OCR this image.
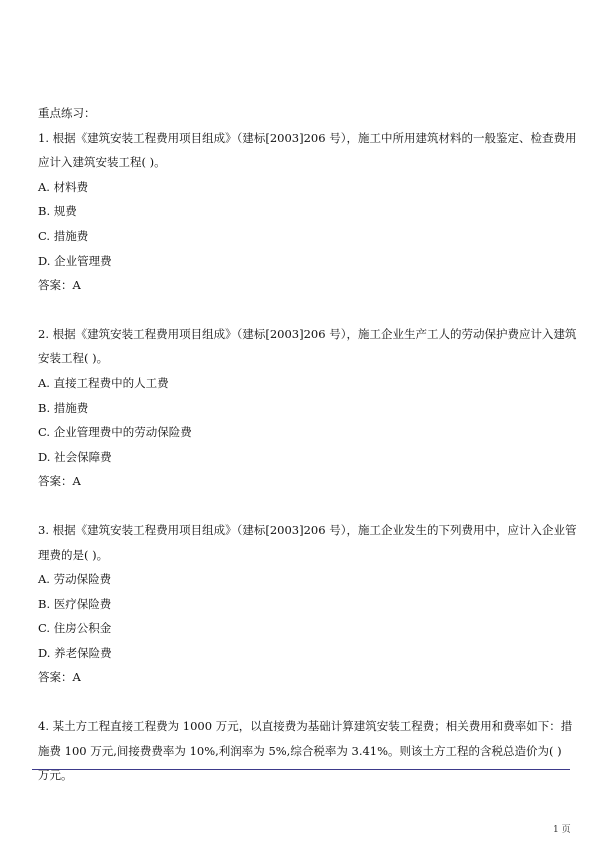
重点练习：

1. 根据《建筑安装工程费用项目组成》（建标[2003]206 号），施工中所用建筑材料的一般鉴定、检查费用

应计入建筑安装工程( )。

A. 材料费

B. 规费

C. 措施费

D. 企业管理费

答案：A

2. 根据《建筑安装工程费用项目组成》（建标[2003]206 号），施工企业生产工人的劳动保护费应计入建筑

安装工程( )。

A. 直接工程费中的人工费

B. 措施费

C. 企业管理费中的劳动保险费

D. 社会保障费

答案：A

3. 根据《建筑安装工程费用项目组成》（建标[2003]206 号），施工企业发生的下列费用中，应计入企业管

理费的是( )。

A. 劳动保险费

B. 医疗保险费

C. 住房公积金

D. 养老保险费

答案：A

4. 某土方工程直接工程费为 1000 万元，以直接费为基础计算建筑安装工程费；相关费用和费率如下：措

施费 100 万元,间接费费率为 10%,利润率为 5%,综合税率为 3.41%。则该土方工程的含税总造价为( )

万元。

1 页
